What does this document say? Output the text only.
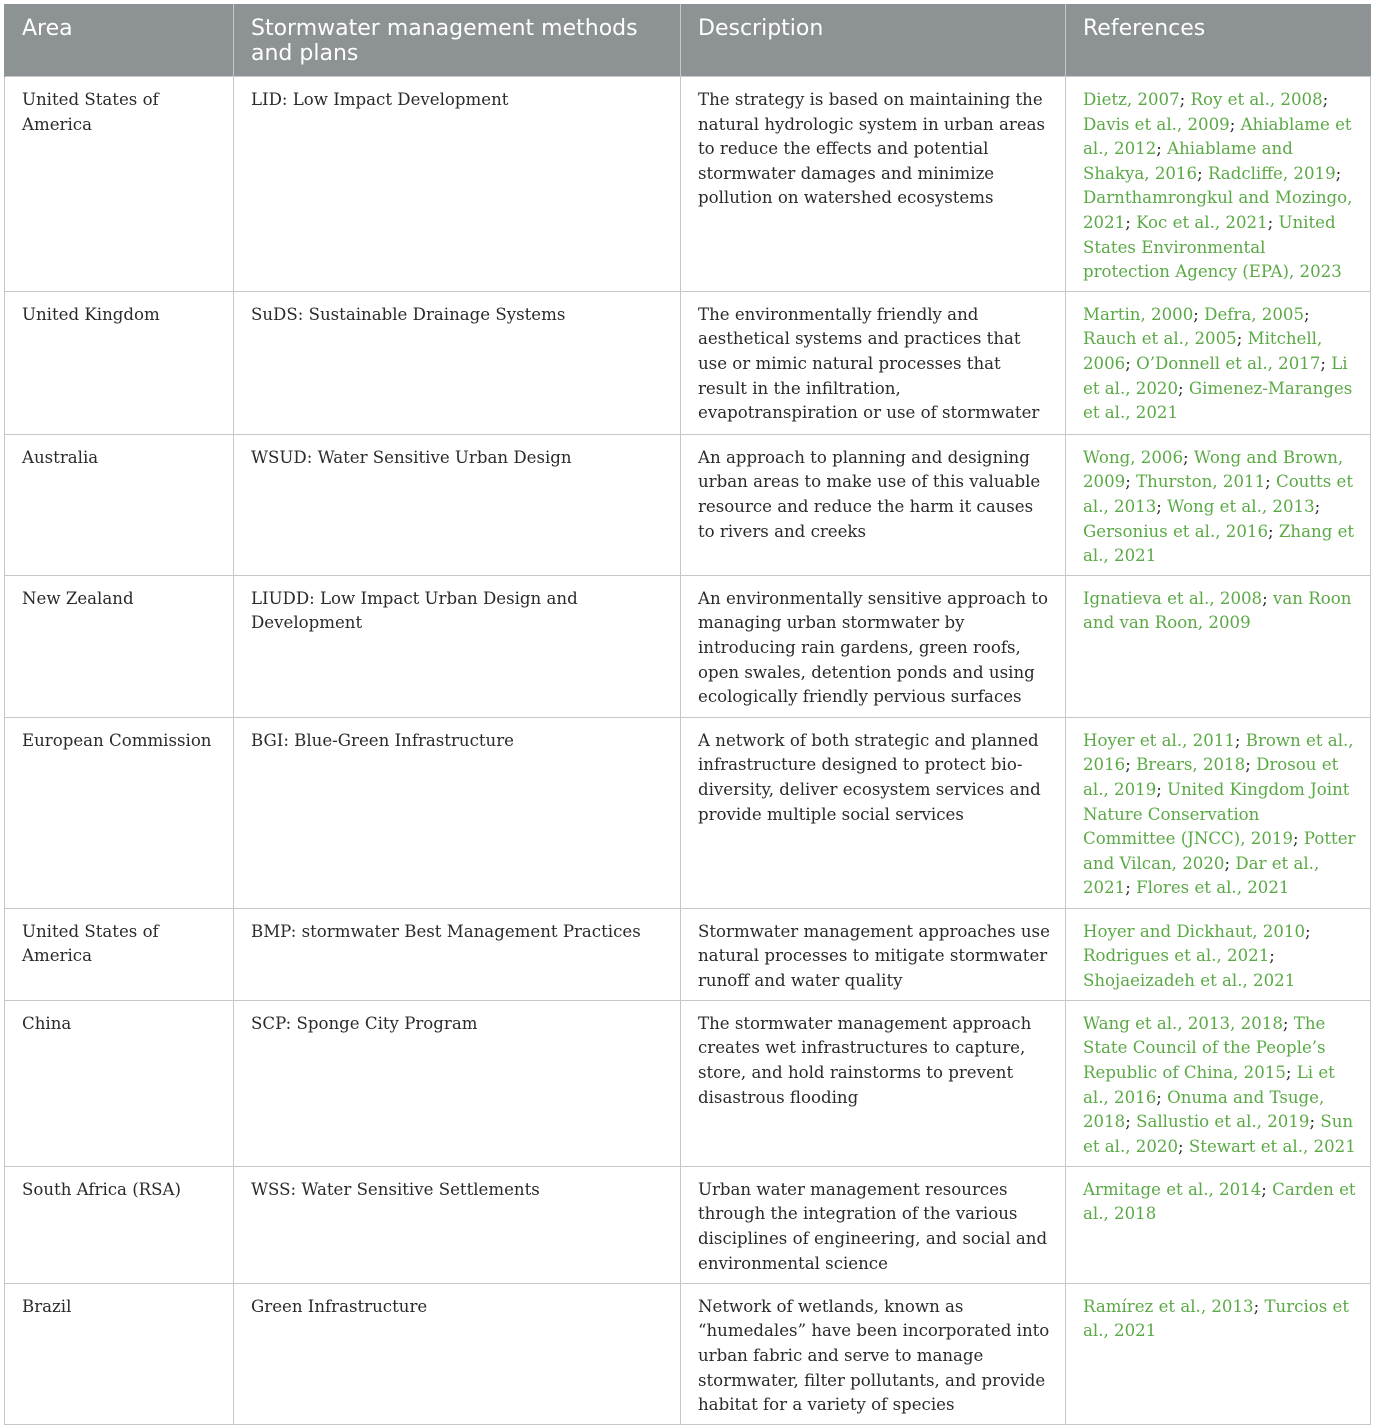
Area	Stormwater management methods and plans	Description	References
United States of America	LID: Low Impact Development	The strategy is based on maintaining the natural hydrologic system in urban areas to reduce the effects and potential stormwater damages and minimize pollution on watershed ecosystems	Dietz, 2007; Roy et al., 2008; Davis et al., 2009; Ahiablame et al., 2012; Ahiablame and Shakya, 2016; Radcliffe, 2019; Darnthamrongkul and Mozingo, 2021; Koc et al., 2021; United States Environmental protection Agency (EPA), 2023
United Kingdom	SuDS: Sustainable Drainage Systems	The environmentally friendly and aesthetical systems and practices that use or mimic natural processes that result in the infiltration, evapotranspiration or use of stormwater	Martin, 2000; Defra, 2005; Rauch et al., 2005; Mitchell, 2006; O’Donnell et al., 2017; Li et al., 2020; Gimenez-Maranges et al., 2021
Australia	WSUD: Water Sensitive Urban Design	An approach to planning and designing urban areas to make use of this valuable resource and reduce the harm it causes to rivers and creeks	Wong, 2006; Wong and Brown, 2009; Thurston, 2011; Coutts et al., 2013; Wong et al., 2013; Gersonius et al., 2016; Zhang et al., 2021
New Zealand	LIUDD: Low Impact Urban Design and Development	An environmentally sensitive approach to managing urban stormwater by introducing rain gardens, green roofs, open swales, detention ponds and using ecologically friendly pervious surfaces	Ignatieva et al., 2008; van Roon and van Roon, 2009
European Commission	BGI: Blue-Green Infrastructure	A network of both strategic and planned infrastructure designed to protect bio-diversity, deliver ecosystem services and provide multiple social services	Hoyer et al., 2011; Brown et al., 2016; Brears, 2018; Drosou et al., 2019; United Kingdom Joint Nature Conservation Committee (JNCC), 2019; Potter and Vilcan, 2020; Dar et al., 2021; Flores et al., 2021
United States of America	BMP: stormwater Best Management Practices	Stormwater management approaches use natural processes to mitigate stormwater runoff and water quality	Hoyer and Dickhaut, 2010; Rodrigues et al., 2021; Shojaeizadeh et al., 2021
China	SCP: Sponge City Program	The stormwater management approach creates wet infrastructures to capture, store, and hold rainstorms to prevent disastrous flooding	Wang et al., 2013, 2018; The State Council of the People’s Republic of China, 2015; Li et al., 2016; Onuma and Tsuge, 2018; Sallustio et al., 2019; Sun et al., 2020; Stewart et al., 2021
South Africa (RSA)	WSS: Water Sensitive Settlements	Urban water management resources through the integration of the various disciplines of engineering, and social and environmental science	Armitage et al., 2014; Carden et al., 2018
Brazil	Green Infrastructure	Network of wetlands, known as “humedales” have been incorporated into urban fabric and serve to manage stormwater, filter pollutants, and provide habitat for a variety of species	Ramírez et al., 2013; Turcios et al., 2021
